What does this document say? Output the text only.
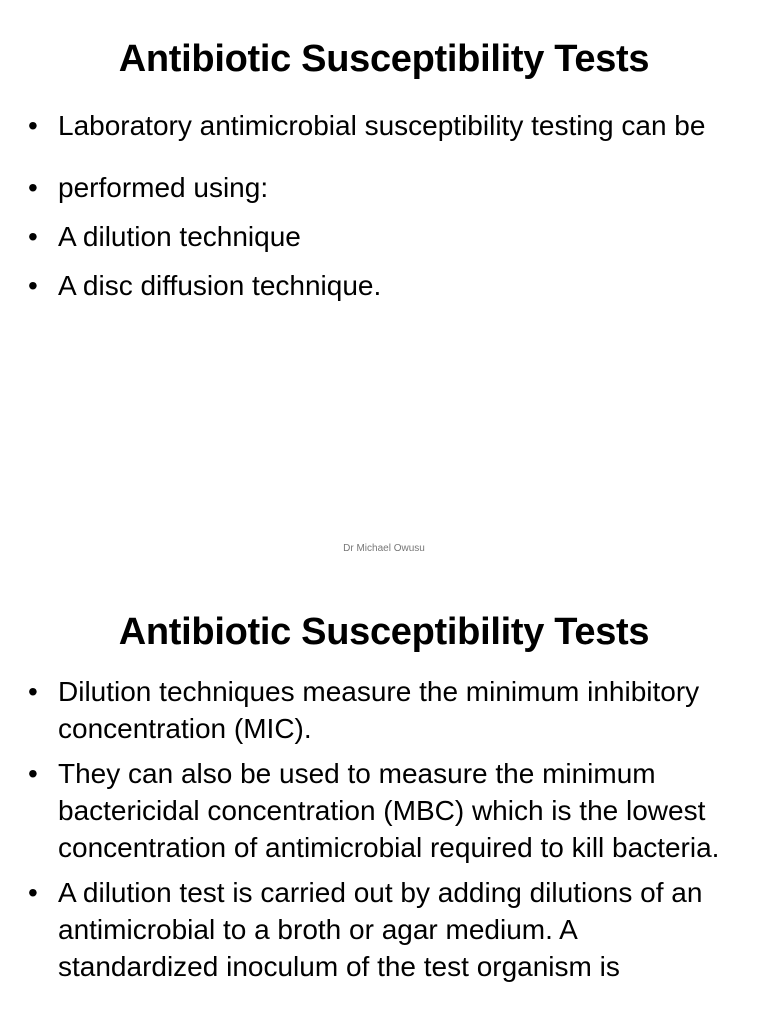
Antibiotic Susceptibility Tests
• Laboratory antimicrobial susceptibility testing can be
• performed using:
• A dilution technique
• A disc diffusion technique.
Dr Michael Owusu
Antibiotic Susceptibility Tests
• Dilution techniques measure the minimum inhibitory concentration (MIC).
• They can also be used to measure the minimum bactericidal concentration (MBC) which is the lowest concentration of antimicrobial required to kill bacteria.
• A dilution test is carried out by adding dilutions of an antimicrobial to a broth or agar medium. A standardized inoculum of the test organism is
